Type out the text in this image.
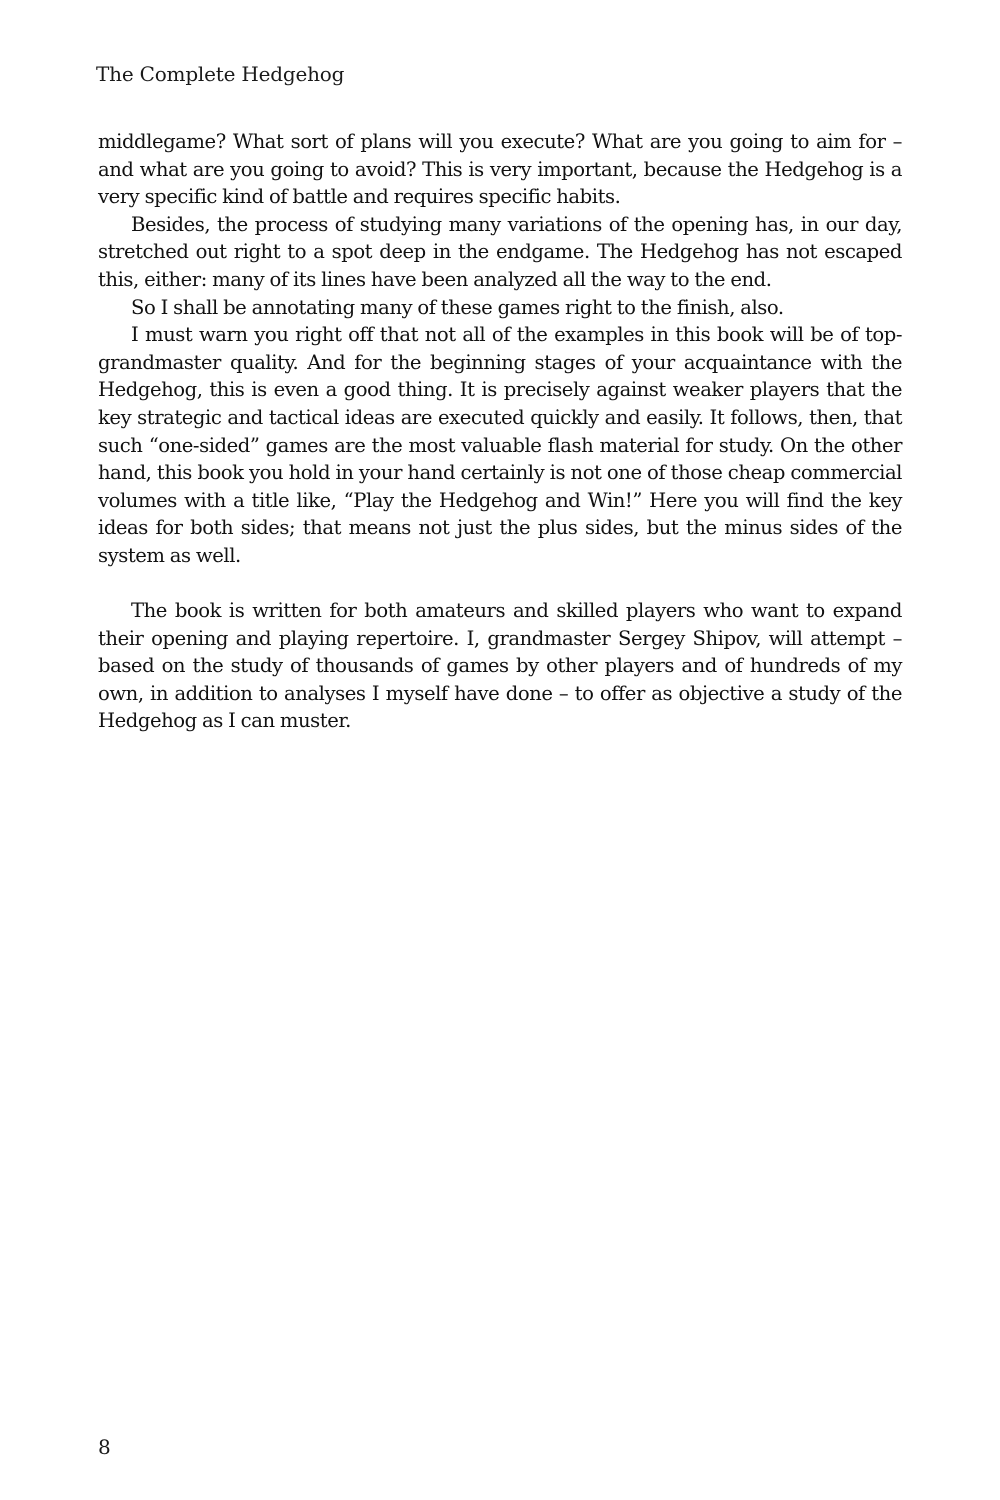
The Complete Hedgehog

middlegame? What sort of plans will you execute? What are you going to aim for – and what are you going to avoid? This is very important, because the Hedgehog is a very specific kind of battle and requires specific habits.

Besides, the process of studying many variations of the opening has, in our day, stretched out right to a spot deep in the endgame. The Hedgehog has not escaped this, either: many of its lines have been analyzed all the way to the end.

So I shall be annotating many of these games right to the finish, also.

I must warn you right off that not all of the examples in this book will be of top-grandmaster quality. And for the beginning stages of your acquaintance with the Hedgehog, this is even a good thing. It is precisely against weaker players that the key strategic and tactical ideas are executed quickly and easily. It follows, then, that such “one-sided” games are the most valuable flash material for study. On the other hand, this book you hold in your hand certainly is not one of those cheap commercial volumes with a title like, “Play the Hedgehog and Win!” Here you will find the key ideas for both sides; that means not just the plus sides, but the minus sides of the system as well.

The book is written for both amateurs and skilled players who want to expand their opening and playing repertoire. I, grandmaster Sergey Shipov, will attempt – based on the study of thousands of games by other players and of hundreds of my own, in addition to analyses I myself have done – to offer as objective a study of the Hedgehog as I can muster.

8
